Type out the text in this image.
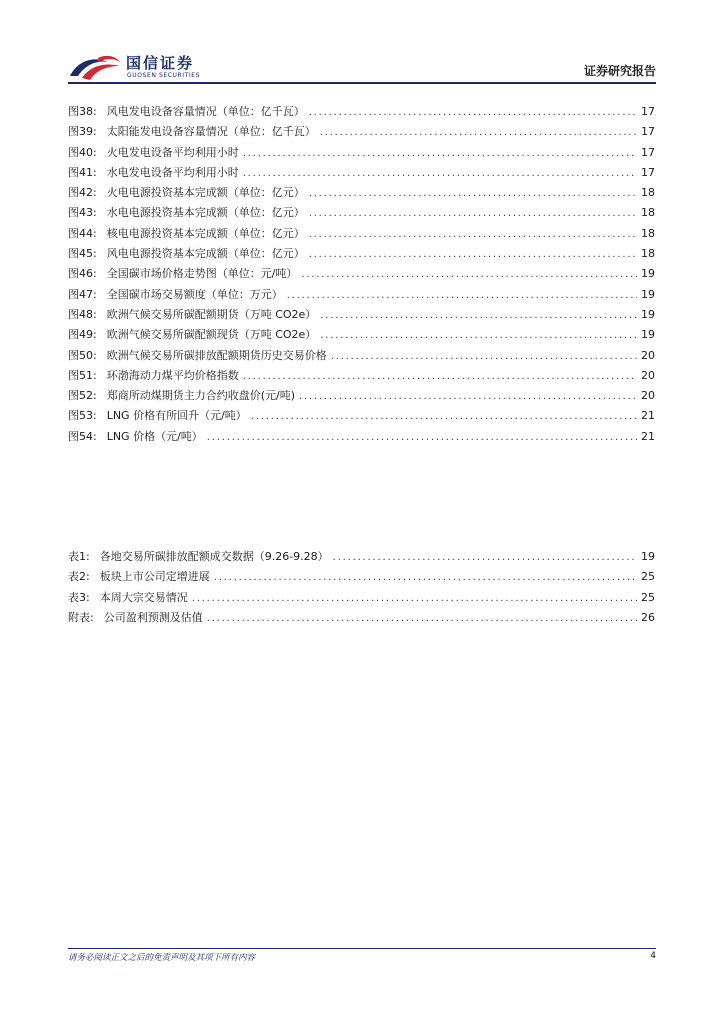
国信证券
GUOSEN SECURITIES	证券研究报告
图38: 风电发电设备容量情况（单位：亿千瓦） .....	17
图39: 太阳能发电设备容量情况（单位：亿千瓦） .....	17
图40: 火电发电设备平均利用小时 .....	17
图41: 水电发电设备平均利用小时 .....	17
图42: 火电电源投资基本完成额（单位：亿元） .....	18
图43: 水电电源投资基本完成额（单位：亿元） .....	18
图44: 核电电源投资基本完成额（单位：亿元） .....	18
图45: 风电电源投资基本完成额（单位：亿元） .....	18
图46: 全国碳市场价格走势图（单位：元/吨） .....	19
图47: 全国碳市场交易额度（单位：万元） .....	19
图48: 欧洲气候交易所碳配额期货（万吨 CO2e） .....	19
图49: 欧洲气候交易所碳配额现货（万吨 CO2e） .....	19
图50: 欧洲气候交易所碳排放配额期货历史交易价格 .....	20
图51: 环渤海动力煤平均价格指数 .....	20
图52: 郑商所动煤期货主力合约收盘价(元/吨) .....	20
图53: LNG 价格有所回升（元/吨） .....	21
图54: LNG 价格（元/吨） .....	21
表1: 各地交易所碳排放配额成交数据（9.26-9.28） .....	19
表2: 板块上市公司定增进展 .....	25
表3: 本周大宗交易情况 .....	25
附表: 公司盈利预测及估值 .....	26
请务必阅读正文之后的免责声明及其项下所有内容	4
